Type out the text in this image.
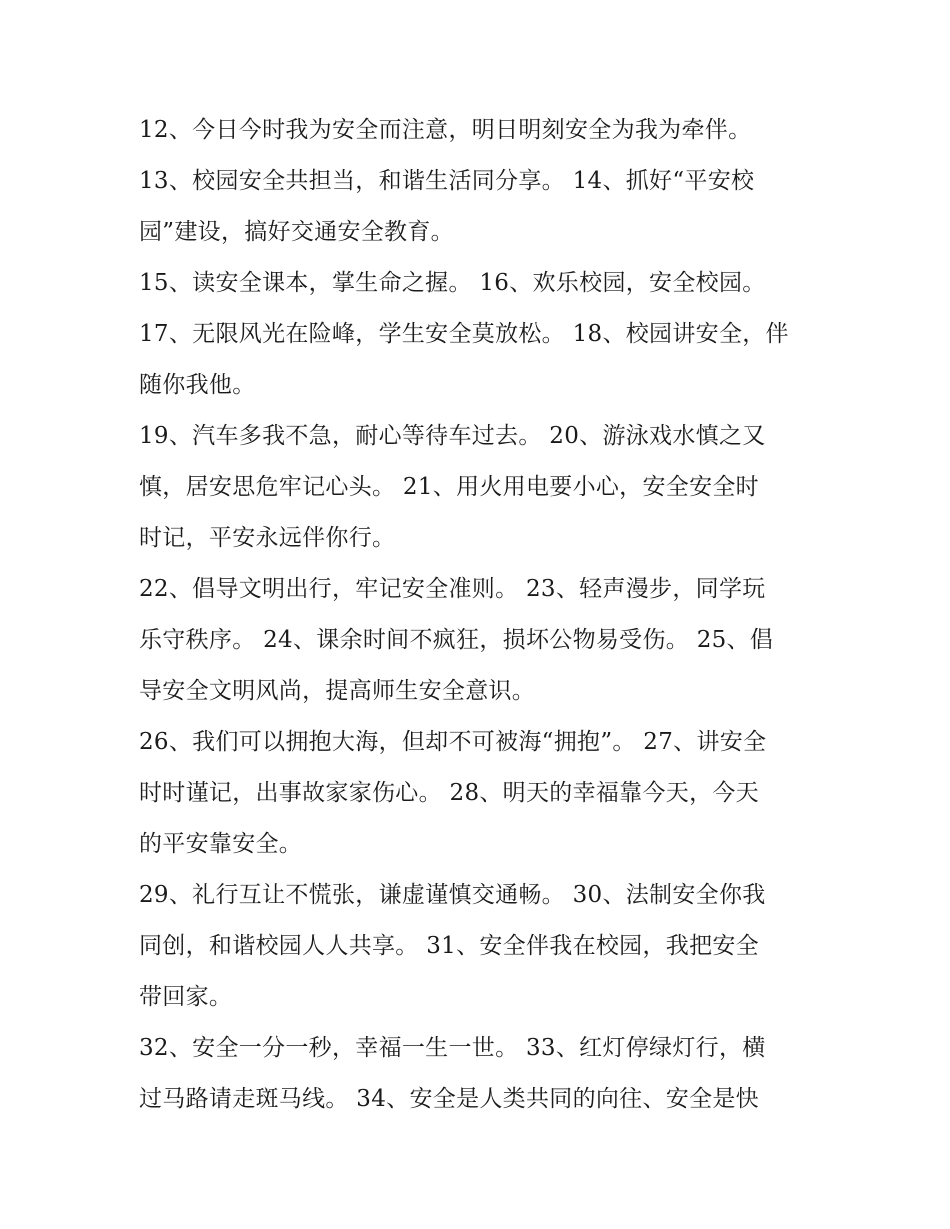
12、今日今时我为安全而注意，明日明刻安全为我为牵伴。
13、校园安全共担当，和谐生活同分享。 14、抓好“平安校
园”建设，搞好交通安全教育。
15、读安全课本，掌生命之握。 16、欢乐校园，安全校园。
17、无限风光在险峰，学生安全莫放松。 18、校园讲安全，伴
随你我他。
19、汽车多我不急，耐心等待车过去。 20、游泳戏水慎之又
慎，居安思危牢记心头。 21、用火用电要小心，安全安全时
时记，平安永远伴你行。
22、倡导文明出行，牢记安全准则。 23、轻声漫步，同学玩
乐守秩序。 24、课余时间不疯狂，损坏公物易受伤。 25、倡
导安全文明风尚，提高师生安全意识。
26、我们可以拥抱大海，但却不可被海“拥抱”。 27、讲安全
时时谨记，出事故家家伤心。 28、明天的幸福靠今天，今天
的平安靠安全。
29、礼行互让不慌张，谦虚谨慎交通畅。 30、法制安全你我
同创，和谐校园人人共享。 31、安全伴我在校园，我把安全
带回家。
32、安全一分一秒，幸福一生一世。 33、红灯停绿灯行，横
过马路请走斑马线。 34、安全是人类共同的向往、安全是快
